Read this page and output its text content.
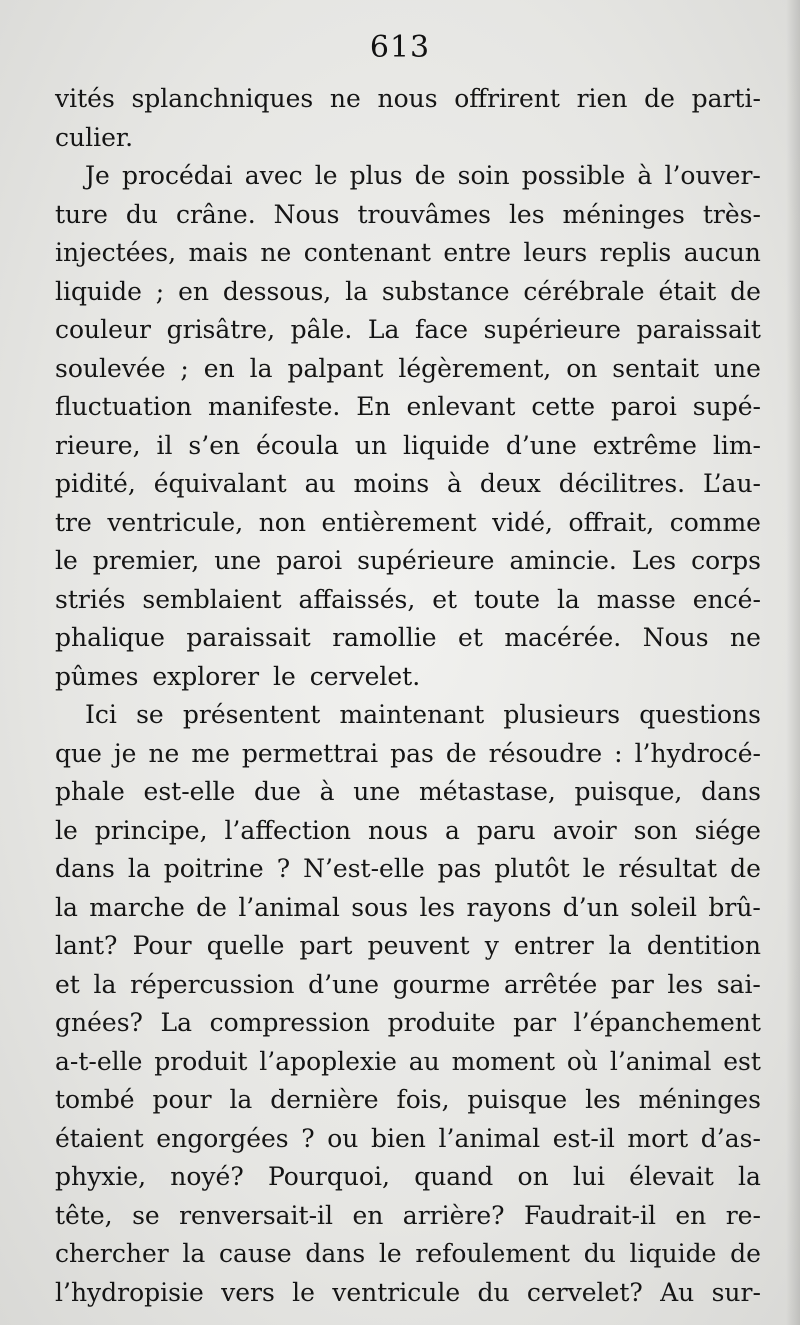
613
vités splanchniques ne nous offrirent rien de parti-
culier.
Je procédai avec le plus de soin possible à l’ouver-
ture du crâne. Nous trouvâmes les méninges très-
injectées, mais ne contenant entre leurs replis aucun
liquide ; en dessous, la substance cérébrale était de
couleur grisâtre, pâle. La face supérieure paraissait
soulevée ; en la palpant légèrement, on sentait une
fluctuation manifeste. En enlevant cette paroi supé-
rieure, il s’en écoula un liquide d’une extrême lim-
pidité, équivalant au moins à deux décilitres. L’au-
tre ventricule, non entièrement vidé, offrait, comme
le premier, une paroi supérieure amincie. Les corps
striés semblaient affaissés, et toute la masse encé-
phalique paraissait ramollie et macérée. Nous ne
pûmes explorer le cervelet.
Ici se présentent maintenant plusieurs questions
que je ne me permettrai pas de résoudre : l’hydrocé-
phale est-elle due à une métastase, puisque, dans
le principe, l’affection nous a paru avoir son siége
dans la poitrine ? N’est-elle pas plutôt le résultat de
la marche de l’animal sous les rayons d’un soleil brû-
lant? Pour quelle part peuvent y entrer la dentition
et la répercussion d’une gourme arrêtée par les sai-
gnées? La compression produite par l’épanchement
a-t-elle produit l’apoplexie au moment où l’animal est
tombé pour la dernière fois, puisque les méninges
étaient engorgées ? ou bien l’animal est-il mort d’as-
phyxie, noyé? Pourquoi, quand on lui élevait la
tête, se renversait-il en arrière? Faudrait-il en re-
chercher la cause dans le refoulement du liquide de
l’hydropisie vers le ventricule du cervelet? Au sur-
